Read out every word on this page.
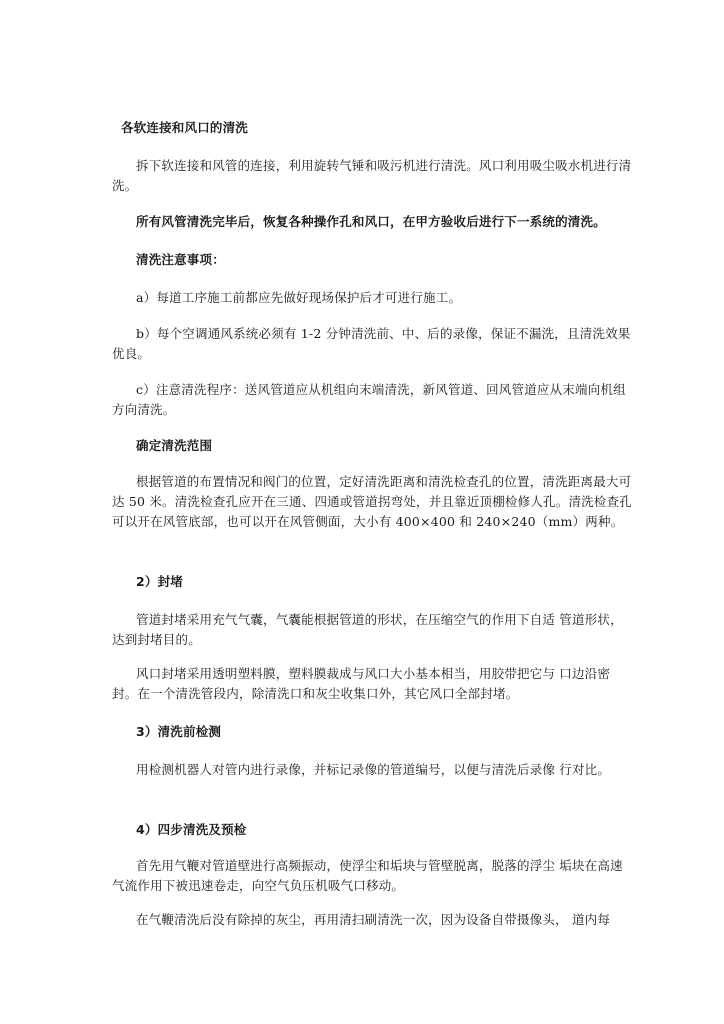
各软连接和风口的清洗
拆下软连接和风管的连接，利用旋转气锤和吸污机进行清洗。风口利用吸尘吸水机进行清洗。
所有风管清洗完毕后，恢复各种操作孔和风口，在甲方验收后进行下一系统的清洗。
清洗注意事项：
a）每道工序施工前都应先做好现场保护后才可进行施工。
b）每个空调通风系统必须有 1-2 分钟清洗前、中、后的录像，保证不漏洗，且清洗效果优良。
c）注意清洗程序：送风管道应从机组向末端清洗，新风管道、回风管道应从末端向机组方向清洗。
确定清洗范围
根据管道的布置情况和阀门的位置，定好清洗距离和清洗检查孔的位置，清洗距离最大可达 50 米。清洗检查孔应开在三通、四通或管道拐弯处，并且靠近顶棚检修人孔。清洗检查孔可以开在风管底部，也可以开在风管侧面，大小有 400×400 和 240×240（mm）两种。
2）封堵
管道封堵采用充气气囊，气囊能根据管道的形状，在压缩空气的作用下自适 管道形状，达到封堵目的。
风口封堵采用透明塑料膜，塑料膜裁成与风口大小基本相当，用胶带把它与 口边沿密封。在一个清洗管段内，除清洗口和灰尘收集口外，其它风口全部封堵。
3）清洗前检测
用检测机器人对管内进行录像，并标记录像的管道编号，以便与清洗后录像 行对比。
4）四步清洗及预检
首先用气鞭对管道壁进行高频振动，使浮尘和垢块与管壁脱离，脱落的浮尘 垢块在高速气流作用下被迅速卷走，向空气负压机吸气口移动。
在气鞭清洗后没有除掉的灰尘，再用清扫刷清洗一次，因为设备自带摄像头， 道内每
